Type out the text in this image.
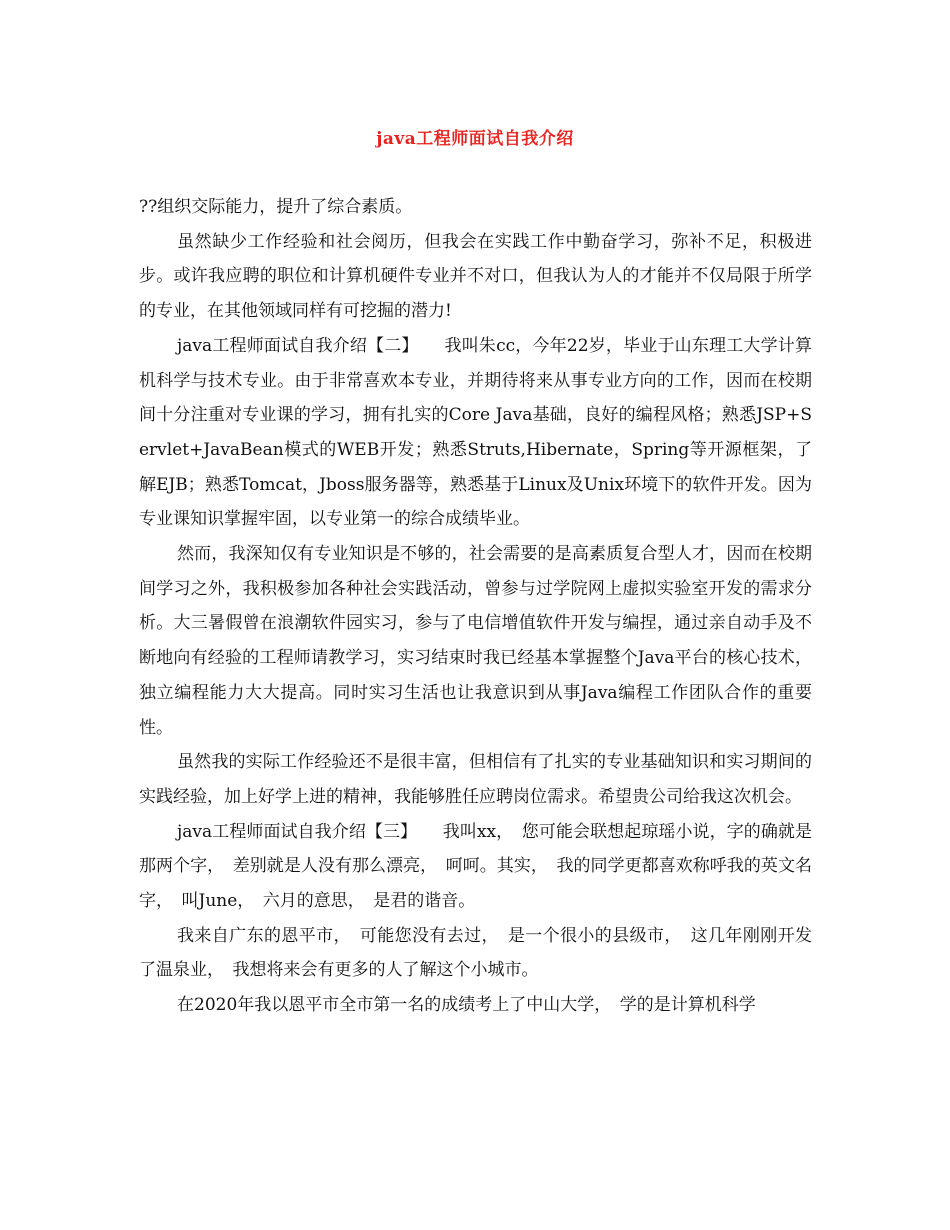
java工程师面试自我介绍

??组织交际能力，提升了综合素质。

虽然缺少工作经验和社会阅历，但我会在实践工作中勤奋学习，弥补不足，积极进步。或许我应聘的职位和计算机硬件专业并不对口，但我认为人的才能并不仅局限于所学的专业，在其他领域同样有可挖掘的潜力!

java工程师面试自我介绍【二】　　我叫朱cc，今年22岁，毕业于山东理工大学计算机科学与技术专业。由于非常喜欢本专业，并期待将来从事专业方向的工作，因而在校期间十分注重对专业课的学习，拥有扎实的Core Java基础，良好的编程风格；熟悉JSP+Servlet+JavaBean模式的WEB开发；熟悉Struts,Hibernate，Spring等开源框架，了解EJB；熟悉Tomcat，Jboss服务器等，熟悉基于Linux及Unix环境下的软件开发。因为专业课知识掌握牢固，以专业第一的综合成绩毕业。

然而，我深知仅有专业知识是不够的，社会需要的是高素质复合型人才，因而在校期间学习之外，我积极参加各种社会实践活动，曾参与过学院网上虚拟实验室开发的需求分析。大三暑假曾在浪潮软件园实习，参与了电信增值软件开发与编捏，通过亲自动手及不断地向有经验的工程师请教学习，实习结束时我已经基本掌握整个Java平台的核心技术，独立编程能力大大提高。同时实习生活也让我意识到从事Java编程工作团队合作的重要性。

虽然我的实际工作经验还不是很丰富，但相信有了扎实的专业基础知识和实习期间的实践经验，加上好学上进的精神，我能够胜任应聘岗位需求。希望贵公司给我这次机会。

java工程师面试自我介绍【三】　　我叫xx，　您可能会联想起琼瑶小说，字的确就是那两个字，　差别就是人没有那么漂亮，　呵呵。其实，　我的同学更都喜欢称呼我的英文名字，　叫June，　六月的意思，　是君的谐音。

我来自广东的恩平市，　可能您没有去过，　是一个很小的县级市，　这几年刚刚开发了温泉业，　我想将来会有更多的人了解这个小城市。

在2020年我以恩平市全市第一名的成绩考上了中山大学，　学的是计算机科学
